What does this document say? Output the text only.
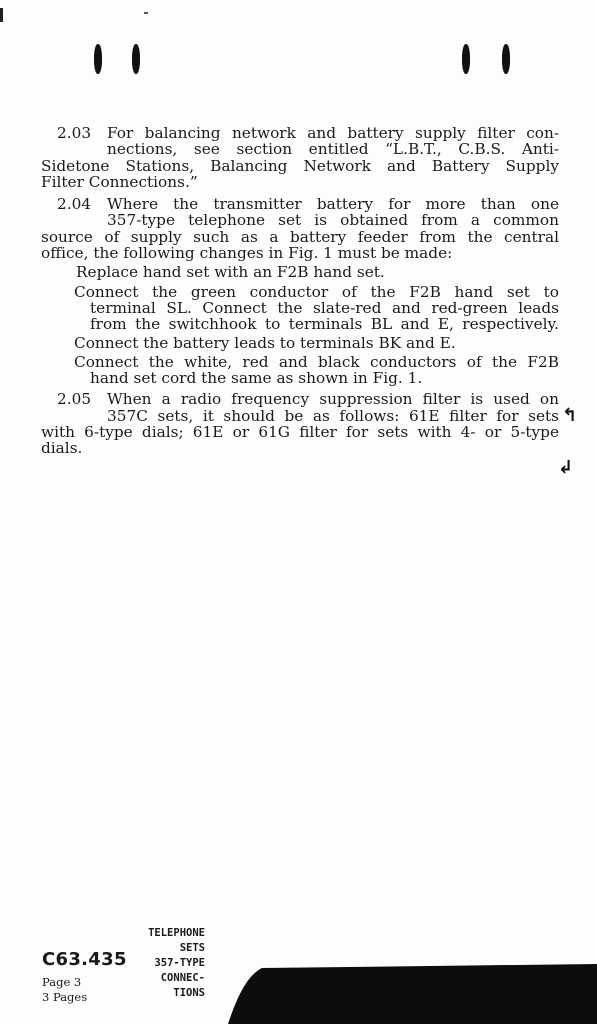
2.03 For balancing network and battery supply filter con-
nections, see section entitled “L.B.T., C.B.S. Anti-
Sidetone Stations, Balancing Network and Battery Supply
Filter Connections.”
2.04 Where the transmitter battery for more than one
357-type telephone set is obtained from a common
source of supply such as a battery feeder from the central
office, the following changes in Fig. 1 must be made:
Replace hand set with an F2B hand set.
Connect the green conductor of the F2B hand set to
terminal SL. Connect the slate-red and red-green leads
from the switchhook to terminals BL and E, respectively.
Connect the battery leads to terminals BK and E.
Connect the white, red and black conductors of the F2B
hand set cord the same as shown in Fig. 1.
2.05 When a radio frequency suppression filter is used on
357C sets, it should be as follows: 61E filter for sets
with 6-type dials; 61E or 61G filter for sets with 4- or 5-type
dials.
↰
↲
TELEPHONE
SETS
357-TYPE
CONNEC-
TIONS
C63.435
Page 3
3 Pages
